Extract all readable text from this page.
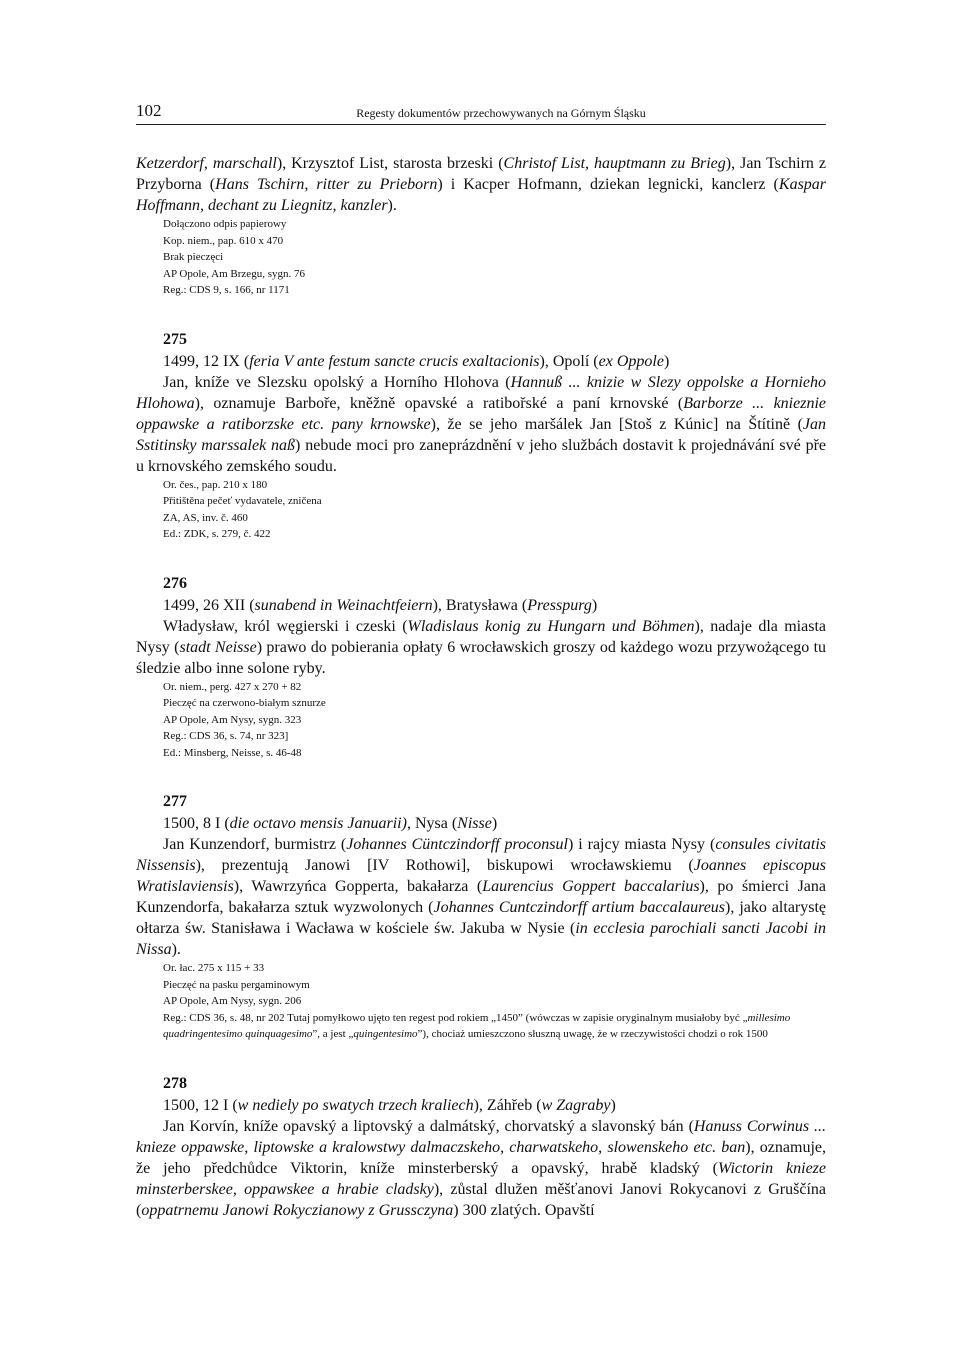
102	Regesty dokumentów przechowywanych na Górnym Śląsku

Ketzerdorf, marschall), Krzysztof List, starosta brzeski (Christof List, hauptmann zu Brieg), Jan Tschirn z Przyborna (Hans Tschirn, ritter zu Prieborn) i Kacper Hofmann, dziekan legnicki, kanclerz (Kaspar Hoffmann, dechant zu Liegnitz, kanzler).

Dołączono odpis papierowy
Kop. niem., pap. 610 x 470
Brak pieczęci
AP Opole, Am Brzegu, sygn. 76
Reg.: CDS 9, s. 166, nr 1171
275

1499, 12 IX (feria V ante festum sancte crucis exaltacionis), Opolí (ex Oppole)

Jan, kníže ve Slezsku opolský a Horního Hlohova (Hannuß ... knizie w Slezy oppolske a Hornieho Hlohowa), oznamuje Barboře, kněžně opavské a ratibořské a paní krnovské (Barborze ... knieznie oppawske a ratiborzske etc. pany krnowske), že se jeho maršálek Jan [Stoš z Kúnic] na Štítině (Jan Sstitinsky marssalek naß) nebude moci pro zaneprázdnění v jeho službách dostavit k projednávání své pře u krnovského zemského soudu.

Or. čes., pap. 210 x 180
Přitištěna pečeť vydavatele, zničena
ZA, AS, inv. č. 460
Ed.: ZDK, s. 279, č. 422
276

1499, 26 XII (sunabend in Weinachtfeiern), Bratysława (Presspurg)

Władysław, król węgierski i czeski (Wladislaus konig zu Hungarn und Böhmen), nadaje dla miasta Nysy (stadt Neisse) prawo do pobierania opłaty 6 wrocławskich groszy od każdego wozu przywożącego tu śledzie albo inne solone ryby.

Or. niem., perg. 427 x 270 + 82
Pieczęć na czerwono-białym sznurze
AP Opole, Am Nysy, sygn. 323
Reg.: CDS 36, s. 74, nr 323]
Ed.: Minsberg, Neisse, s. 46-48
277

1500, 8 I (die octavo mensis Januarii), Nysa (Nisse)

Jan Kunzendorf, burmistrz (Johannes Cüntczindorff proconsul) i rajcy miasta Nysy (consules civitatis Nissensis), prezentują Janowi [IV Rothowi], biskupowi wrocławskiemu (Joannes episcopus Wratislaviensis), Wawrzyńca Gopperta, bakałarza (Laurencius Goppert baccalarius), po śmierci Jana Kunzendorfa, bakałarza sztuk wyzwolonych (Johannes Cuntczindorff artium baccalaureus), jako altarystę ołtarza św. Stanisława i Wacława w kościele św. Jakuba w Nysie (in ecclesia parochiali sancti Jacobi in Nissa).

Or. łac. 275 x 115 + 33
Pieczęć na pasku pergaminowym
AP Opole, Am Nysy, sygn. 206
Reg.: CDS 36, s. 48, nr 202 Tutaj pomyłkowo ujęto ten regest pod rokiem „1450” (wówczas w zapisie oryginalnym musiałoby być „millesimo quadringentesimo quinquagesimo”, a jest „quingentesimo”), chociaż umieszczono słuszną uwagę, że w rzeczywistości chodzi o rok 1500
278

1500, 12 I (w nediely po swatych trzech kraliech), Záhřeb (w Zagraby)

Jan Korvín, kníže opavský a liptovský a dalmátský, chorvatský a slavonský bán (Hanuss Corwinus ... knieze oppawske, liptowske a kralowstwy dalmaczskeho, charwatskeho, slowenskeho etc. ban), oznamuje, že jeho předchůdce Viktorin, kníže minsterberský a opavský, hrabě kladský (Wictorin knieze minsterberskee, oppawskee a hrabie cladsky), zůstal dlužen měšťanovi Janovi Rokycanovi z Gruščína (oppatrnemu Janowi Rokyczianowy z Grussczyna) 300 zlatých. Opavští
